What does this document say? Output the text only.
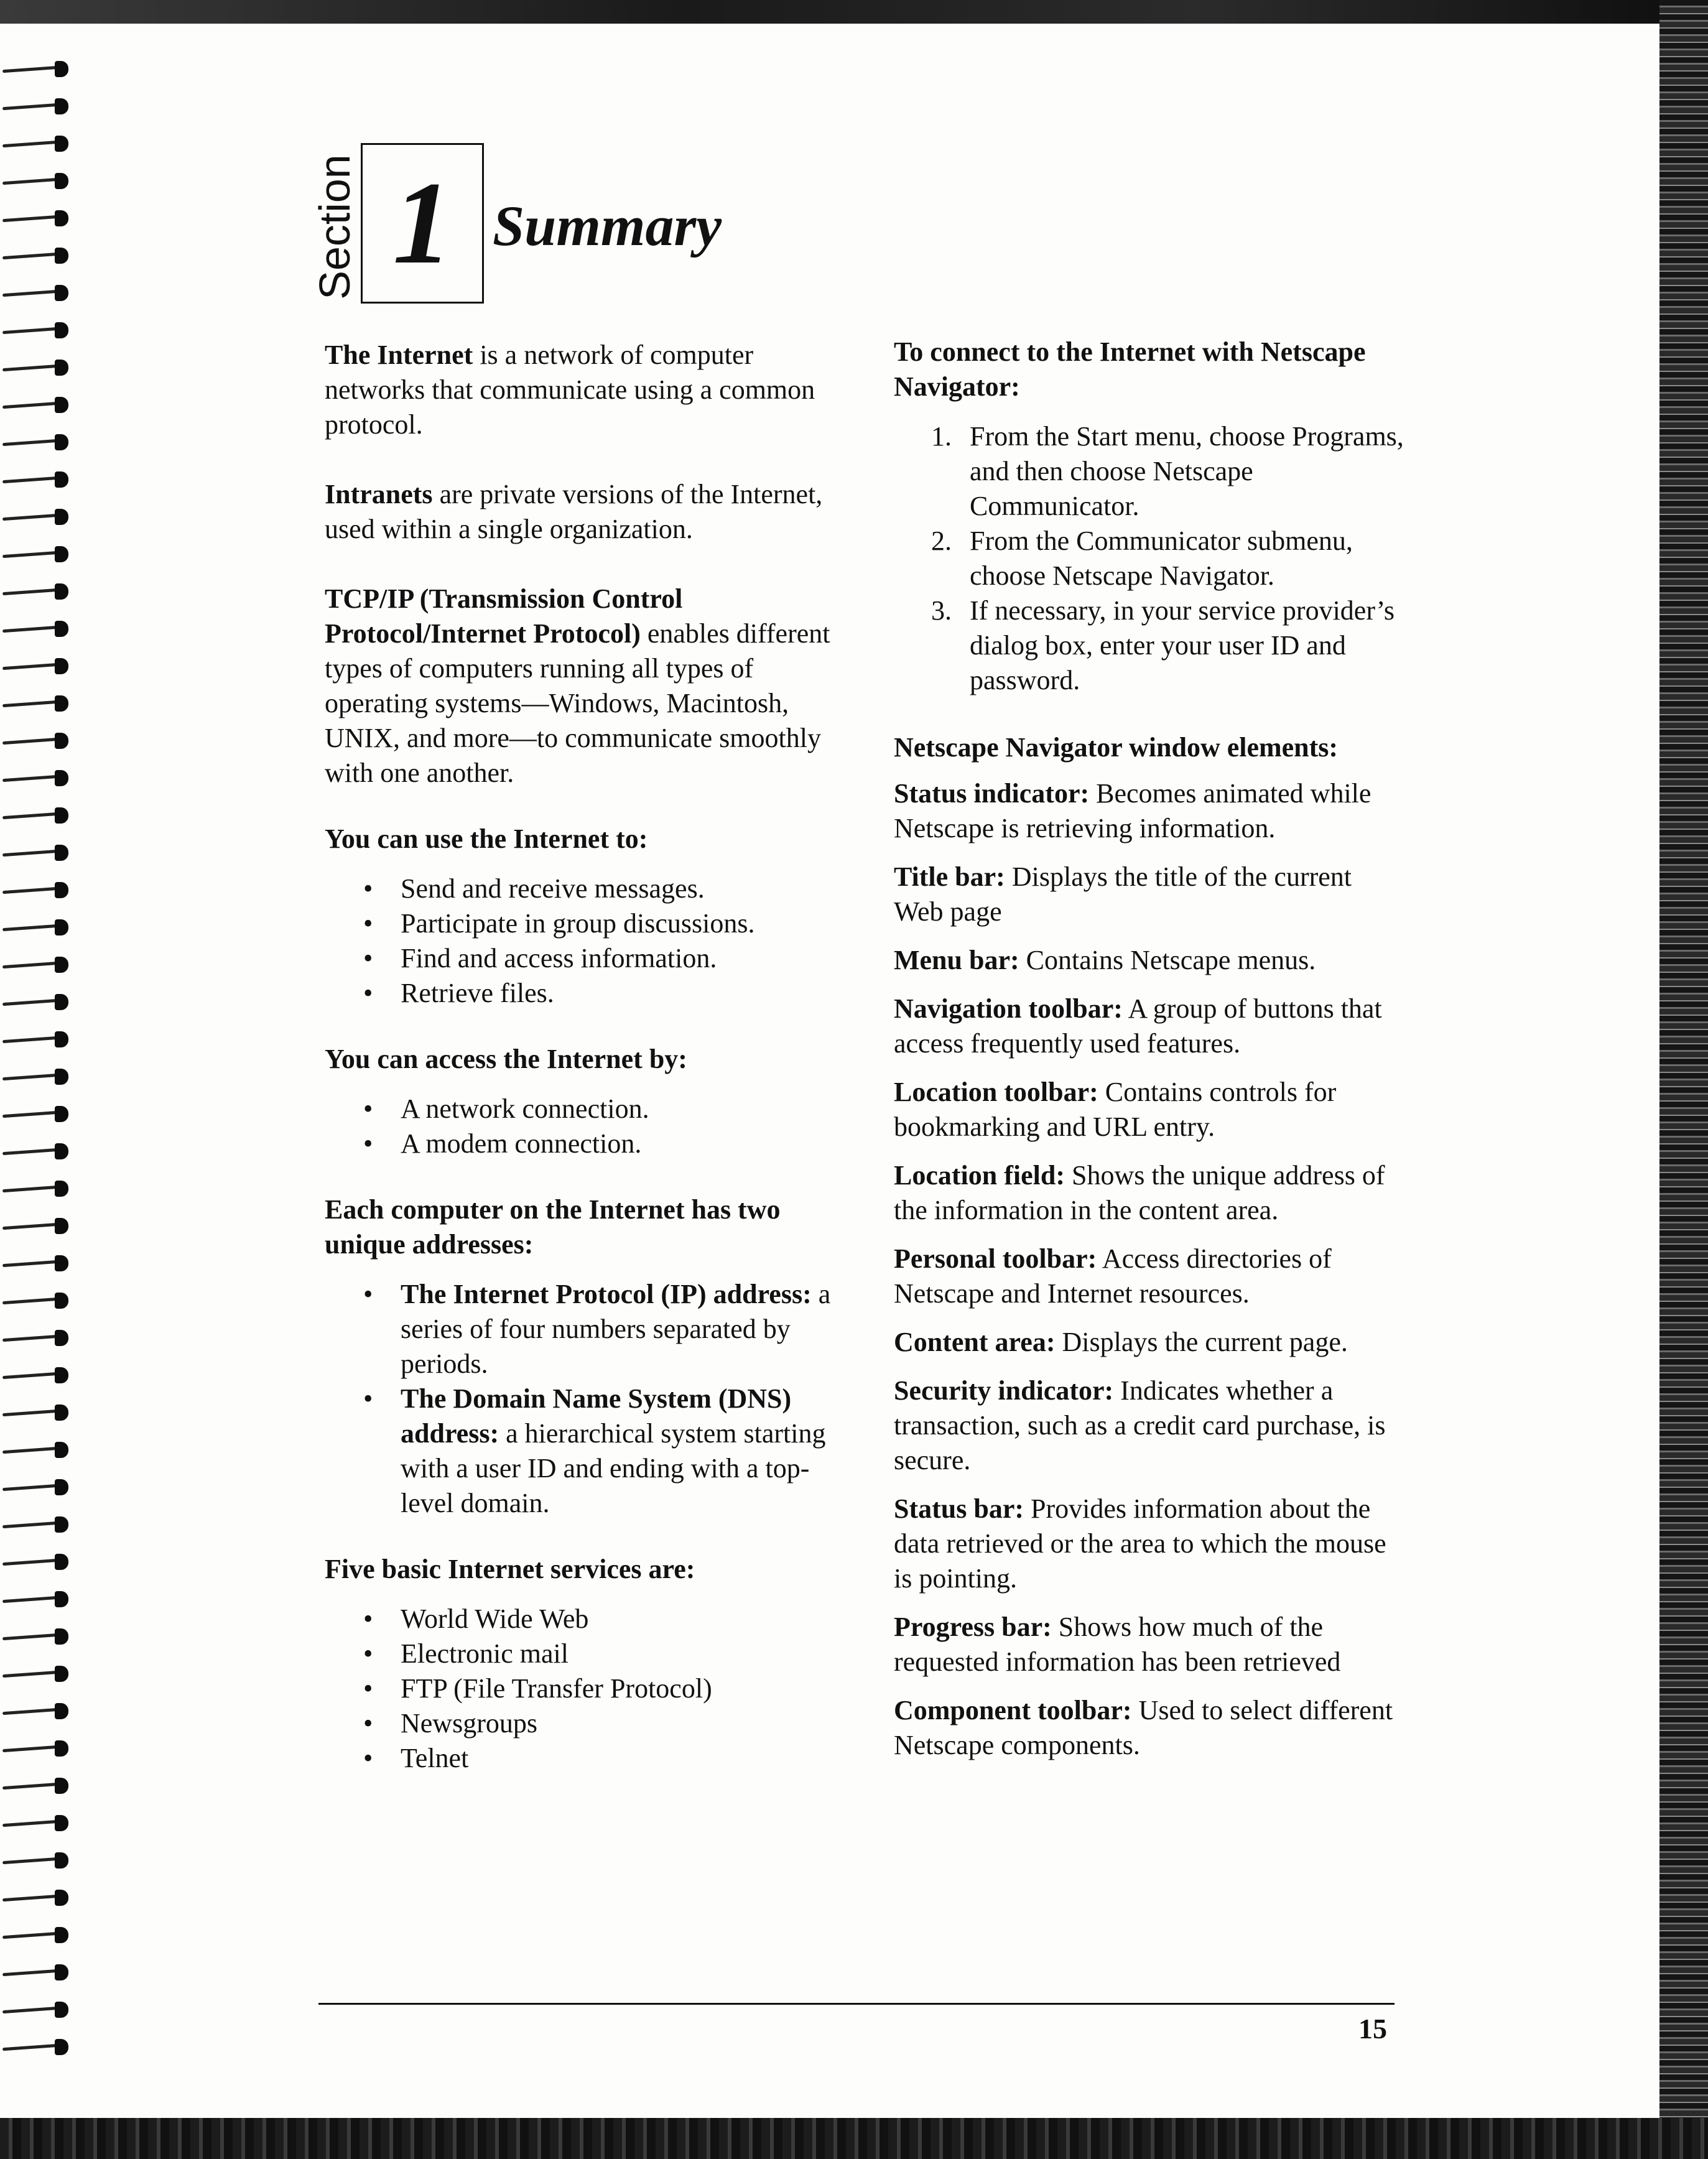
Section 1 Summary

The Internet is a network of computer networks that communicate using a common protocol.

Intranets are private versions of the Internet, used within a single organization.

TCP/IP (Transmission Control Protocol/Internet Protocol) enables different types of computers running all types of operating systems—Windows, Macintosh, UNIX, and more—to communicate smoothly with one another.

You can use the Internet to:

• Send and receive messages.
• Participate in group discussions.
• Find and access information.
• Retrieve files.

You can access the Internet by:

• A network connection.
• A modem connection.

Each computer on the Internet has two unique addresses:

• The Internet Protocol (IP) address: a series of four numbers separated by periods.
• The Domain Name System (DNS) address: a hierarchical system starting with a user ID and ending with a top-level domain.

Five basic Internet services are:

• World Wide Web
• Electronic mail
• FTP (File Transfer Protocol)
• Newsgroups
• Telnet

To connect to the Internet with Netscape Navigator:

1. From the Start menu, choose Programs, and then choose Netscape Communicator.
2. From the Communicator submenu, choose Netscape Navigator.
3. If necessary, in your service provider’s dialog box, enter your user ID and password.

Netscape Navigator window elements:

Status indicator: Becomes animated while Netscape is retrieving information.

Title bar: Displays the title of the current Web page

Menu bar: Contains Netscape menus.

Navigation toolbar: A group of buttons that access frequently used features.

Location toolbar: Contains controls for bookmarking and URL entry.

Location field: Shows the unique address of the information in the content area.

Personal toolbar: Access directories of Netscape and Internet resources.

Content area: Displays the current page.

Security indicator: Indicates whether a transaction, such as a credit card purchase, is secure.

Status bar: Provides information about the data retrieved or the area to which the mouse is pointing.

Progress bar: Shows how much of the requested information has been retrieved

Component toolbar: Used to select different Netscape components.

15
